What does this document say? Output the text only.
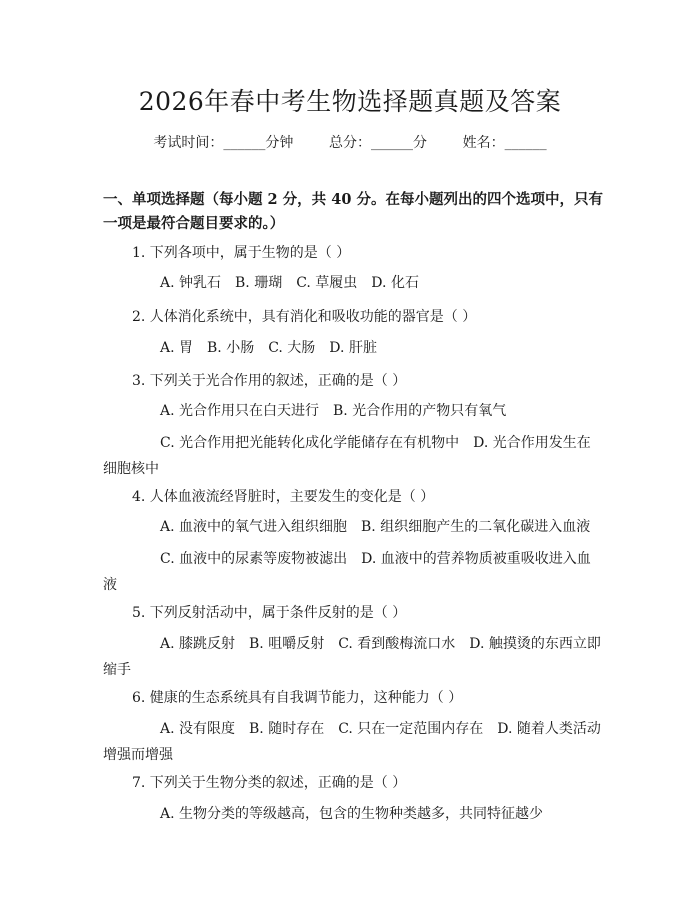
2026年春中考生物选择题真题及答案
考试时间：______分钟	总分：______分	姓名：______
一、单项选择题（每小题 2 分，共 40 分。在每小题列出的四个选项中，只有一项是最符合题目要求的。）
1. 下列各项中，属于生物的是（ ）
A. 钟乳石　B. 珊瑚　C. 草履虫　D. 化石
2. 人体消化系统中，具有消化和吸收功能的器官是（ ）
A. 胃　B. 小肠　C. 大肠　D. 肝脏
3. 下列关于光合作用的叙述，正确的是（ ）
A. 光合作用只在白天进行　B. 光合作用的产物只有氧气
C. 光合作用把光能转化成化学能储存在有机物中　D. 光合作用发生在细胞核中
4. 人体血液流经肾脏时，主要发生的变化是（ ）
A. 血液中的氧气进入组织细胞　B. 组织细胞产生的二氧化碳进入血液
C. 血液中的尿素等废物被滤出　D. 血液中的营养物质被重吸收进入血液
5. 下列反射活动中，属于条件反射的是（ ）
A. 膝跳反射　B. 咀嚼反射　C. 看到酸梅流口水　D. 触摸烫的东西立即缩手
6. 健康的生态系统具有自我调节能力，这种能力（ ）
A. 没有限度　B. 随时存在　C. 只在一定范围内存在　D. 随着人类活动增强而增强
7. 下列关于生物分类的叙述，正确的是（ ）
A. 生物分类的等级越高，包含的生物种类越多，共同特征越少
